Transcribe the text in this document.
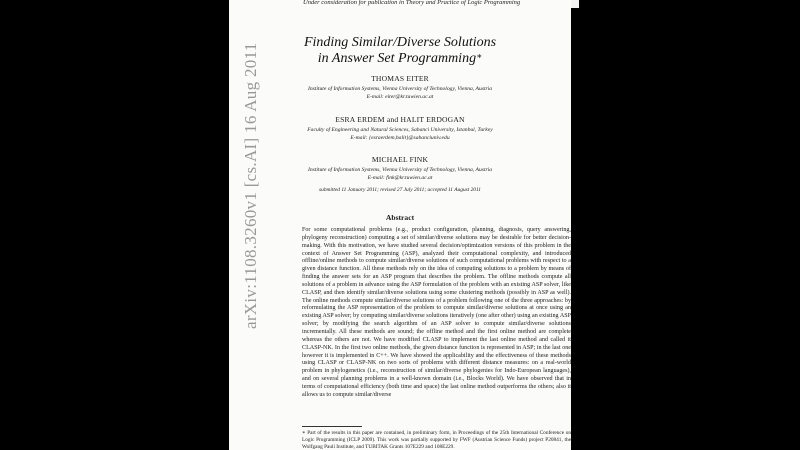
arXiv:1108.3260v1 [cs.AI] 16 Aug 2011
Under consideration for publication in Theory and Practice of Logic Programming
Finding Similar/Diverse Solutions
in Answer Set Programming∗
THOMAS EITER
Institute of Information Systems, Vienna University of Technology, Vienna, Austria
E-mail: eiter@kr.tuwien.ac.at
ESRA ERDEM and HALIT ERDOGAN
Faculty of Engineering and Natural Sciences, Sabanci University, Istanbul, Turkey
E-mail: {esraerdem,halit}@sabanciuniv.edu
MICHAEL FINK
Institute of Information Systems, Vienna University of Technology, Vienna, Austria
E-mail: fink@kr.tuwien.ac.at
submitted 11 January 2011; revised 27 July 2011; accepted 11 August 2011
Abstract
For some computational problems (e.g., product configuration, planning, diagnosis, query answering, phylogeny reconstruction) computing a set of similar/diverse solutions may be desirable for better decision-making. With this motivation, we have studied several decision/optimization versions of this problem in the context of Answer Set Programming (ASP), analyzed their computational complexity, and introduced offline/online methods to compute similar/diverse solutions of such computational problems with respect to a given distance function. All these methods rely on the idea of computing solutions to a problem by means of finding the answer sets for an ASP program that describes the problem. The offline methods compute all solutions of a problem in advance using the ASP formulation of the problem with an existing ASP solver, like CLASP, and then identify similar/diverse solutions using some clustering methods (possibly in ASP as well). The online methods compute similar/diverse solutions of a problem following one of the three approaches: by reformulating the ASP representation of the problem to compute similar/diverse solutions at once using an existing ASP solver; by computing similar/diverse solutions iteratively (one after other) using an existing ASP solver; by modifying the search algorithm of an ASP solver to compute similar/diverse solutions incrementally. All these methods are sound; the offline method and the first online method are complete whereas the others are not. We have modified CLASP to implement the last online method and called it CLASP-NK. In the first two online methods, the given distance function is represented in ASP; in the last one however it is implemented in C++. We have showed the applicability and the effectiveness of these methods using CLASP or CLASP-NK on two sorts of problems with different distance measures: on a real-world problem in phylogenetics (i.e., reconstruction of similar/diverse phylogenies for Indo-European languages), and on several planning problems in a well-known domain (i.e., Blocks World). We have observed that in terms of computational efficiency (both time and space) the last online method outperforms the others; also it allows us to compute similar/diverse
∗ Part of the results in this paper are contained, in preliminary form, in Proceedings of the 25th International Conference on Logic Programming (ICLP 2009). This work was partially supported by FWF (Austrian Science Funds) project P20841, the Wolfgang Pauli Institute, and TUBITAK Grants 107E229 and 108E229.
